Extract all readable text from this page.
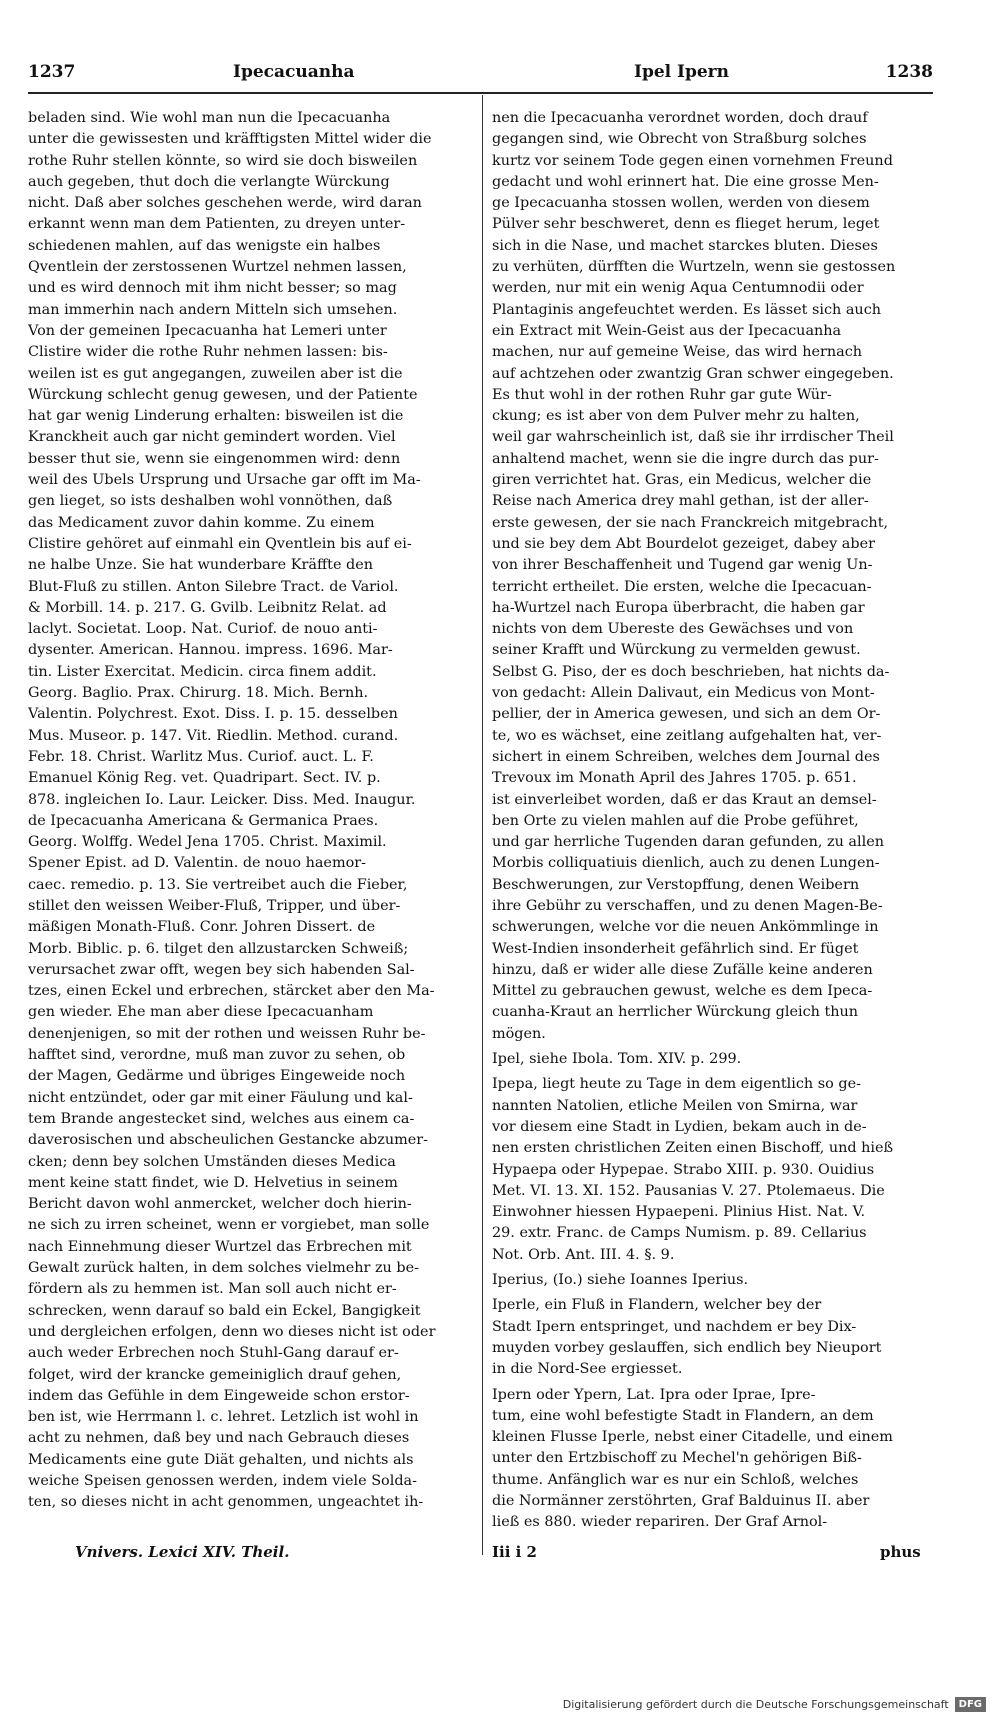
1237	Ipecacuanha	Ipel Ipern	1238
beladen sind. Wie wohl man nun die Ipecacuanha
unter die gewissesten und kräfftigsten Mittel wider die
rothe Ruhr stellen könnte, so wird sie doch bisweilen
auch gegeben, thut doch die verlangte Würckung
nicht. Daß aber solches geschehen werde, wird daran
erkannt wenn man dem Patienten, zu dreyen unter-
schiedenen mahlen, auf das wenigste ein halbes
Qventlein der zerstossenen Wurtzel nehmen lassen,
und es wird dennoch mit ihm nicht besser; so mag
man immerhin nach andern Mitteln sich umsehen.
Von der gemeinen Ipecacuanha hat Lemeri unter
Clistire wider die rothe Ruhr nehmen lassen: bis-
weilen ist es gut angegangen, zuweilen aber ist die
Würckung schlecht genug gewesen, und der Patiente
hat gar wenig Linderung erhalten: bisweilen ist die
Kranckheit auch gar nicht gemindert worden. Viel
besser thut sie, wenn sie eingenommen wird: denn
weil des Ubels Ursprung und Ursache gar offt im Ma-
gen lieget, so ists deshalben wohl vonnöthen, daß
das Medicament zuvor dahin komme. Zu einem
Clistire gehöret auf einmahl ein Qventlein bis auf ei-
ne halbe Unze. Sie hat wunderbare Kräffte den
Blut-Fluß zu stillen. Anton Silebre Tract. de Variol.
& Morbill. 14. p. 217. G. Gvilb. Leibnitz Relat. ad
laclyt. Societat. Loop. Nat. Curiof. de nouo anti-
dysenter. American. Hannou. impress. 1696. Mar-
tin. Lister Exercitat. Medicin. circa finem addit.
Georg. Baglio. Prax. Chirurg. 18. Mich. Bernh.
Valentin. Polychrest. Exot. Diss. I. p. 15. desselben
Mus. Museor. p. 147. Vit. Riedlin. Method. curand.
Febr. 18. Christ. Warlitz Mus. Curiof. auct. L. F.
Emanuel König Reg. vet. Quadripart. Sect. IV. p.
878. ingleichen Io. Laur. Leicker. Diss. Med. Inaugur.
de Ipecacuanha Americana & Germanica Praes.
Georg. Wolffg. Wedel Jena 1705. Christ. Maximil.
Spener Epist. ad D. Valentin. de nouo haemor-
caec. remedio. p. 13. Sie vertreibet auch die Fieber,
stillet den weissen Weiber-Fluß, Tripper, und über-
mäßigen Monath-Fluß. Conr. Johren Dissert. de
Morb. Biblic. p. 6. tilget den allzustarcken Schweiß;
verursachet zwar offt, wegen bey sich habenden Sal-
tzes, einen Eckel und erbrechen, stärcket aber den Ma-
gen wieder. Ehe man aber diese Ipecacuanham
denenjenigen, so mit der rothen und weissen Ruhr be-
hafftet sind, verordne, muß man zuvor zu sehen, ob
der Magen, Gedärme und übriges Eingeweide noch
nicht entzündet, oder gar mit einer Fäulung und kal-
tem Brande angestecket sind, welches aus einem ca-
daverosischen und abscheulichen Gestancke abzumer-
cken; denn bey solchen Umständen dieses Medica
ment keine statt findet, wie D. Helvetius in seinem
Bericht davon wohl anmercket, welcher doch hierin-
ne sich zu irren scheinet, wenn er vorgiebet, man solle
nach Einnehmung dieser Wurtzel das Erbrechen mit
Gewalt zurück halten, in dem solches vielmehr zu be-
fördern als zu hemmen ist. Man soll auch nicht er-
schrecken, wenn darauf so bald ein Eckel, Bangigkeit
und dergleichen erfolgen, denn wo dieses nicht ist oder
auch weder Erbrechen noch Stuhl-Gang darauf er-
folget, wird der krancke gemeiniglich drauf gehen,
indem das Gefühle in dem Eingeweide schon erstor-
ben ist, wie Herrmann l. c. lehret. Letzlich ist wohl in
acht zu nehmen, daß bey und nach Gebrauch dieses
Medicaments eine gute Diät gehalten, und nichts als
weiche Speisen genossen werden, indem viele Solda-
ten, so dieses nicht in acht genommen, ungeachtet ih-
nen die Ipecacuanha verordnet worden, doch drauf
gegangen sind, wie Obrecht von Straßburg solches
kurtz vor seinem Tode gegen einen vornehmen Freund
gedacht und wohl erinnert hat. Die eine grosse Men-
ge Ipecacuanha stossen wollen, werden von diesem
Pülver sehr beschweret, denn es flieget herum, leget
sich in die Nase, und machet starckes bluten. Dieses
zu verhüten, dürfften die Wurtzeln, wenn sie gestossen
werden, nur mit ein wenig Aqua Centumnodii oder
Plantaginis angefeuchtet werden. Es lässet sich auch
ein Extract mit Wein-Geist aus der Ipecacuanha
machen, nur auf gemeine Weise, das wird hernach
auf achtzehen oder zwantzig Gran schwer eingegeben.
Es thut wohl in der rothen Ruhr gar gute Wür-
ckung; es ist aber von dem Pulver mehr zu halten,
weil gar wahrscheinlich ist, daß sie ihr irrdischer Theil
anhaltend machet, wenn sie die ingre durch das pur-
giren verrichtet hat. Gras, ein Medicus, welcher die
Reise nach America drey mahl gethan, ist der aller-
erste gewesen, der sie nach Franckreich mitgebracht,
und sie bey dem Abt Bourdelot gezeiget, dabey aber
von ihrer Beschaffenheit und Tugend gar wenig Un-
terricht ertheilet. Die ersten, welche die Ipecacuan-
ha-Wurtzel nach Europa überbracht, die haben gar
nichts von dem Ubereste des Gewächses und von
seiner Krafft und Würckung zu vermelden gewust.
Selbst G. Piso, der es doch beschrieben, hat nichts da-
von gedacht: Allein Dalivaut, ein Medicus von Mont-
pellier, der in America gewesen, und sich an dem Or-
te, wo es wächset, eine zeitlang aufgehalten hat, ver-
sichert in einem Schreiben, welches dem Journal des
Trevoux im Monath April des Jahres 1705. p. 651.
ist einverleibet worden, daß er das Kraut an demsel-
ben Orte zu vielen mahlen auf die Probe geführet,
und gar herrliche Tugenden daran gefunden, zu allen
Morbis colliquatiuis dienlich, auch zu denen Lungen-
Beschwerungen, zur Verstopffung, denen Weibern
ihre Gebühr zu verschaffen, und zu denen Magen-Be-
schwerungen, welche vor die neuen Ankömmlinge in
West-Indien insonderheit gefährlich sind. Er füget
hinzu, daß er wider alle diese Zufälle keine anderen
Mittel zu gebrauchen gewust, welche es dem Ipeca-
cuanha-Kraut an herrlicher Würckung gleich thun
mögen.
Ipel, siehe Ibola. Tom. XIV. p. 299.
Ipepa, liegt heute zu Tage in dem eigentlich so ge-
nannten Natolien, etliche Meilen von Smirna, war
vor diesem eine Stadt in Lydien, bekam auch in de-
nen ersten christlichen Zeiten einen Bischoff, und hieß
Hypaepa oder Hypepae. Strabo XIII. p. 930. Ouidius
Met. VI. 13. XI. 152. Pausanias V. 27. Ptolemaeus. Die
Einwohner hiessen Hypaepeni. Plinius Hist. Nat. V.
29. extr. Franc. de Camps Numism. p. 89. Cellarius
Not. Orb. Ant. III. 4. §. 9.
Iperius, (Io.) siehe Ioannes Iperius.
Iperle, ein Fluß in Flandern, welcher bey der
Stadt Ipern entspringet, und nachdem er bey Dix-
muyden vorbey geslauffen, sich endlich bey Nieuport
in die Nord-See ergiesset.
Ipern oder Ypern, Lat. Ipra oder Iprae, Ipre-
tum, eine wohl befestigte Stadt in Flandern, an dem
kleinen Flusse Iperle, nebst einer Citadelle, und einem
unter den Ertzbischoff zu Mechel'n gehörigen Biß-
thume. Anfänglich war es nur ein Schloß, welches
die Normänner zerstöhrten, Graf Balduinus II. aber
ließ es 880. wieder repariren. Der Graf Arnol-
Vnivers. Lexici XIV. Theil.	Iii i 2	phus
Digitalisierung gefördert durch die Deutsche Forschungsgemeinschaft	DFG
